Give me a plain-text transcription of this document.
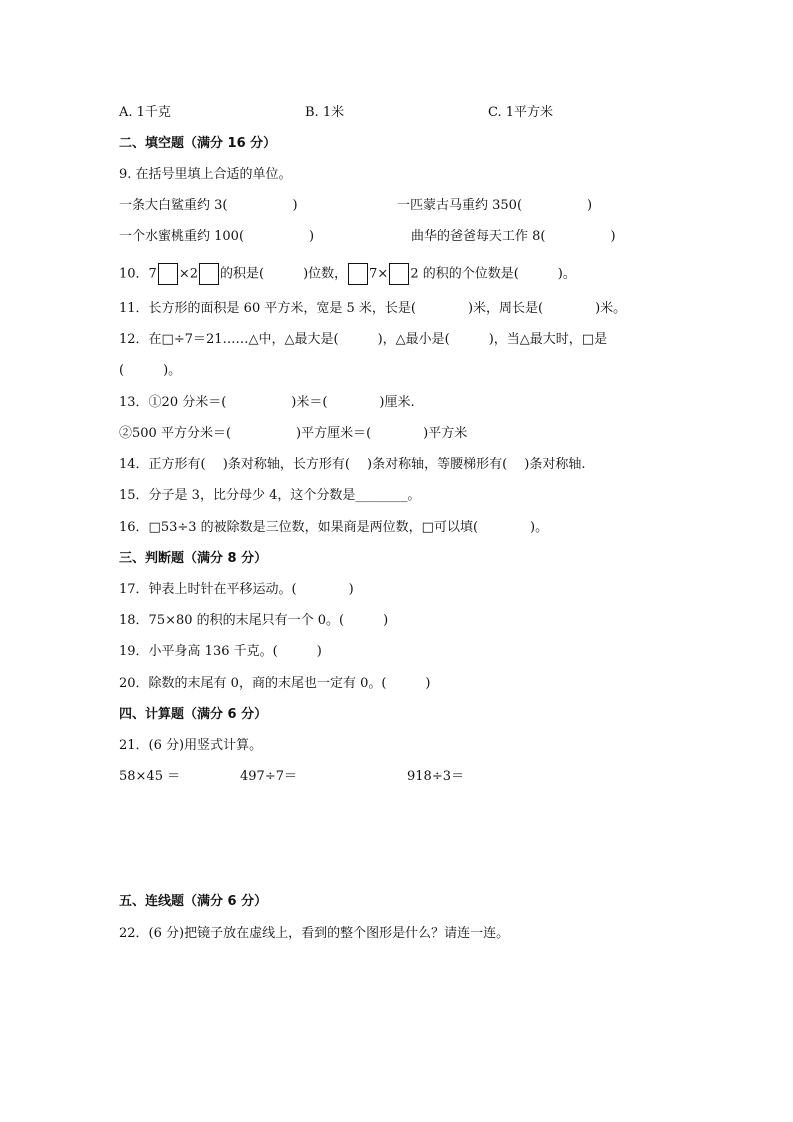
A. 1千克	B. 1米	C. 1平方米
二、填空题（满分 16 分）
9. 在括号里填上合适的单位。
一条大白鲨重约 3(　　　　　)	一匹蒙古马重约 350(　　　　　)
一个水蜜桃重约 100(　　　　　)	曲华的爸爸每天工作 8(　　　　　)
10．7 ×2 的积是(　　　)位数， 7× 2 的积的个位数是(　　　)。
11．长方形的面积是 60 平方米，宽是 5 米，长是(　　　　)米，周长是(　　　　)米。
12．在□÷7＝21……△中，△最大是(　　　)，△最小是(　　　)，当△最大时，□是
(　　　)。
13．①20 分米＝(　　　　　)米＝(　　　　)厘米.
②500 平方分米＝(　　　　　)平方厘米＝(　　　　)平方米
14．正方形有(　 )条对称轴，长方形有(　 )条对称轴，等腰梯形有(　 )条对称轴.
15．分子是 3，比分母少 4，这个分数是________。
16．□53÷3 的被除数是三位数，如果商是两位数，□可以填(　　　　)。
三、判断题（满分 8 分）
17．钟表上时针在平移运动。(　　　　)
18．75×80 的积的末尾只有一个 0。(　　　)
19．小平身高 136 千克。(　　　)
20．除数的末尾有 0，商的末尾也一定有 0。(　　　)
四、计算题（满分 6 分）
21．(6 分)用竖式计算。
58×45 ＝	497÷7＝	918÷3＝
五、连线题（满分 6 分）
22．(6 分)把镜子放在虚线上，看到的整个图形是什么？请连一连。
